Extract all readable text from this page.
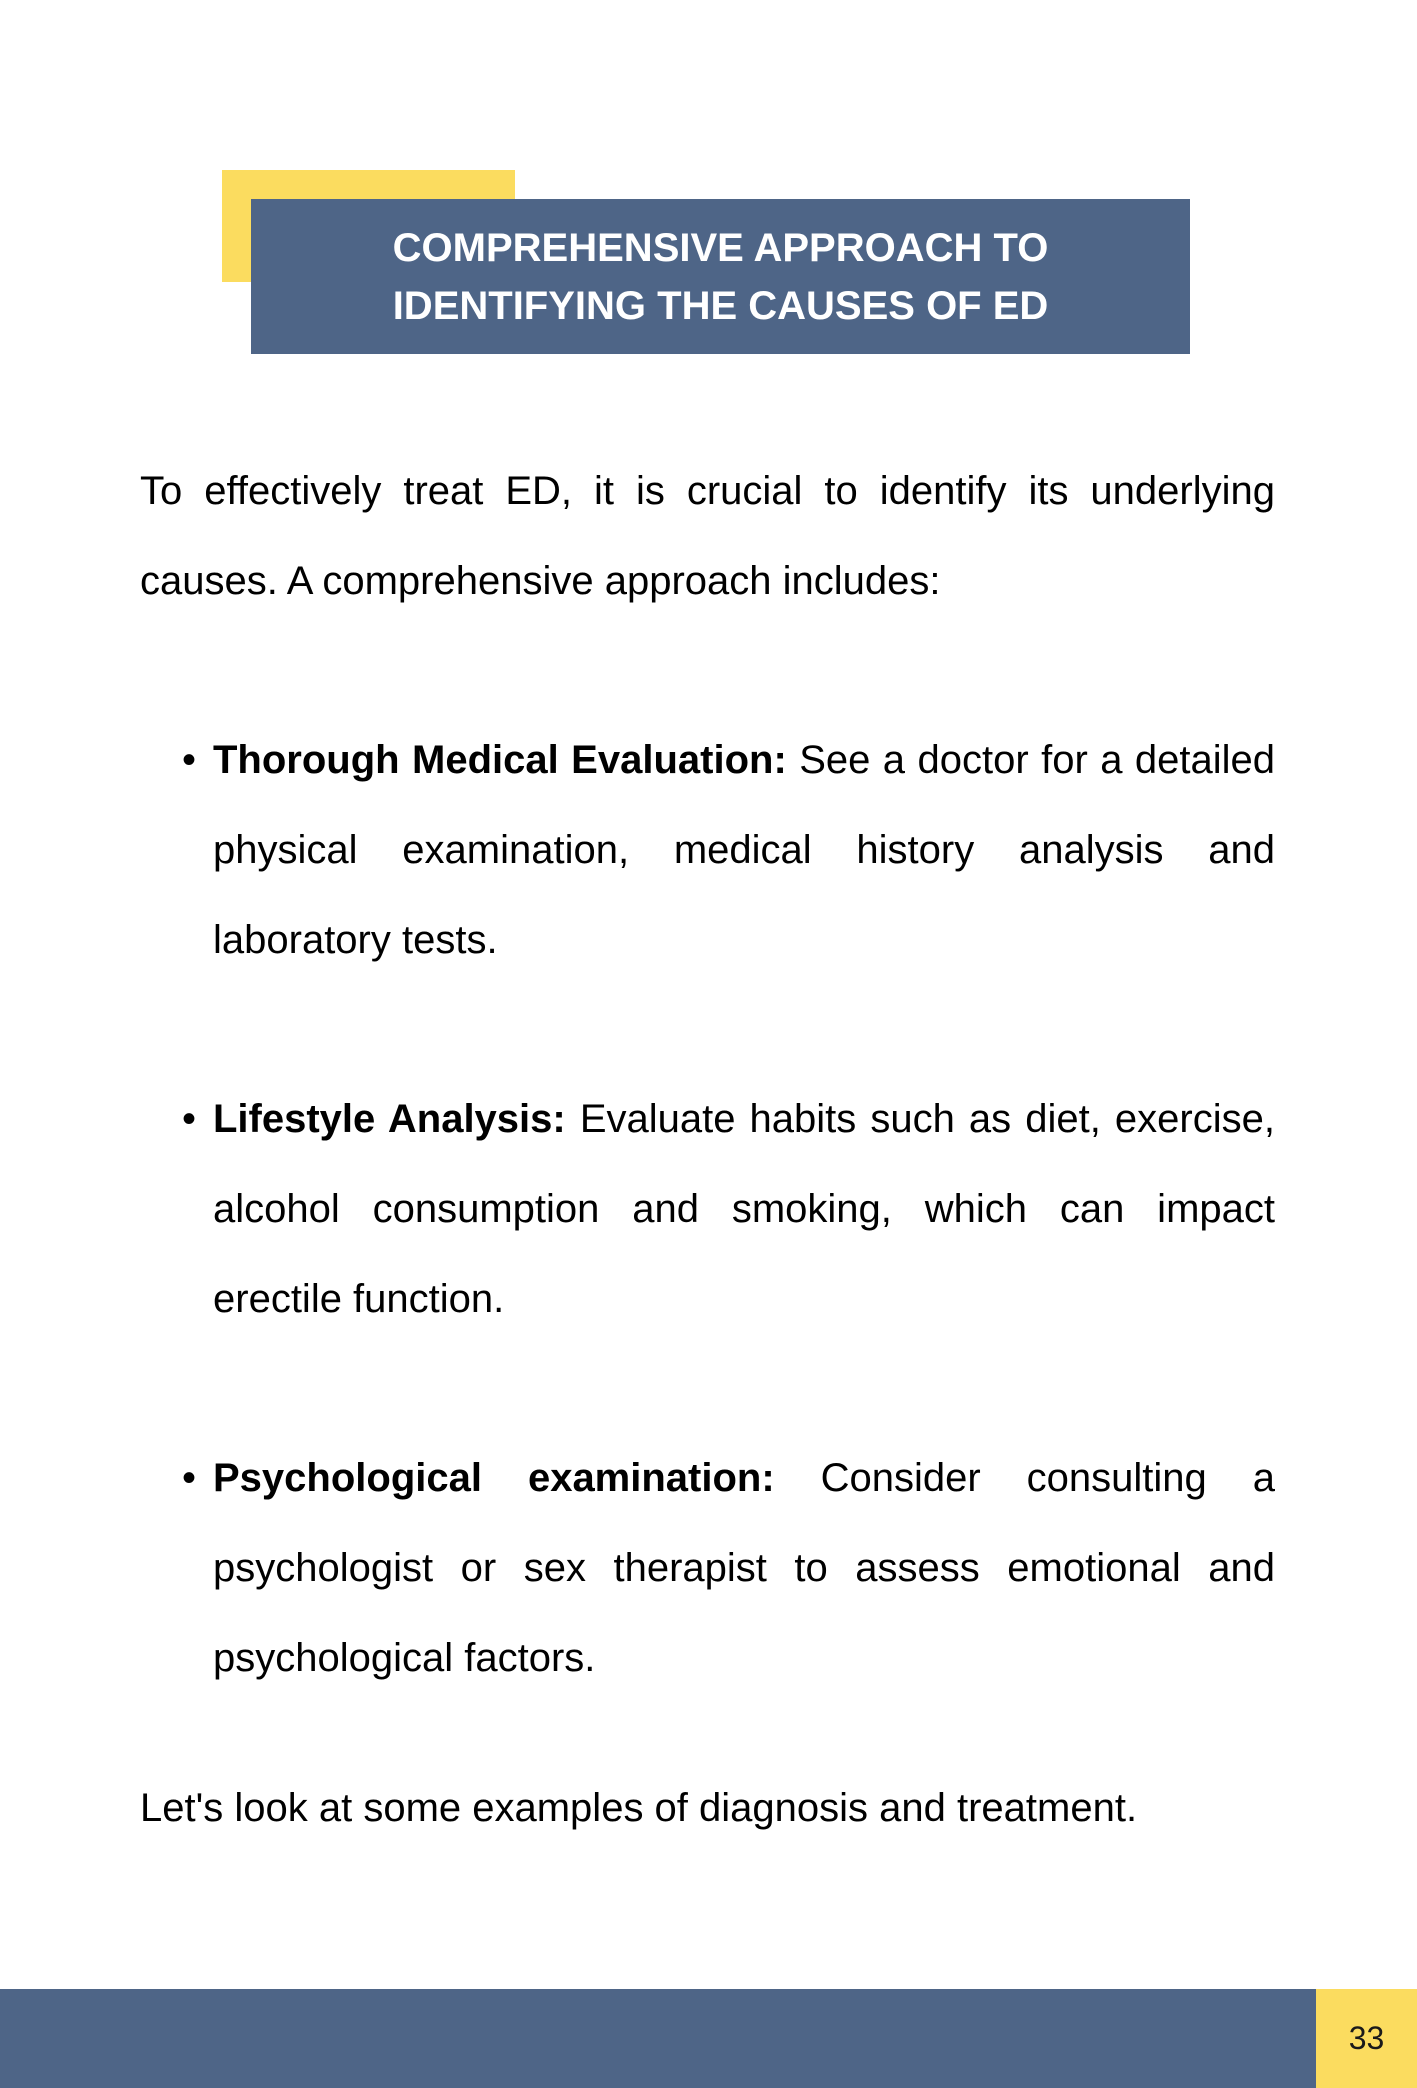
COMPREHENSIVE APPROACH TO
IDENTIFYING THE CAUSES OF ED

To effectively treat ED, it is crucial to identify its underlying causes. A comprehensive approach includes:

• Thorough Medical Evaluation: See a doctor for a detailed physical examination, medical history analysis and laboratory tests.
• Lifestyle Analysis: Evaluate habits such as diet, exercise, alcohol consumption and smoking, which can impact erectile function.
• Psychological examination: Consider consulting a psychologist or sex therapist to assess emotional and psychological factors.
Let's look at some examples of diagnosis and treatment.
33
